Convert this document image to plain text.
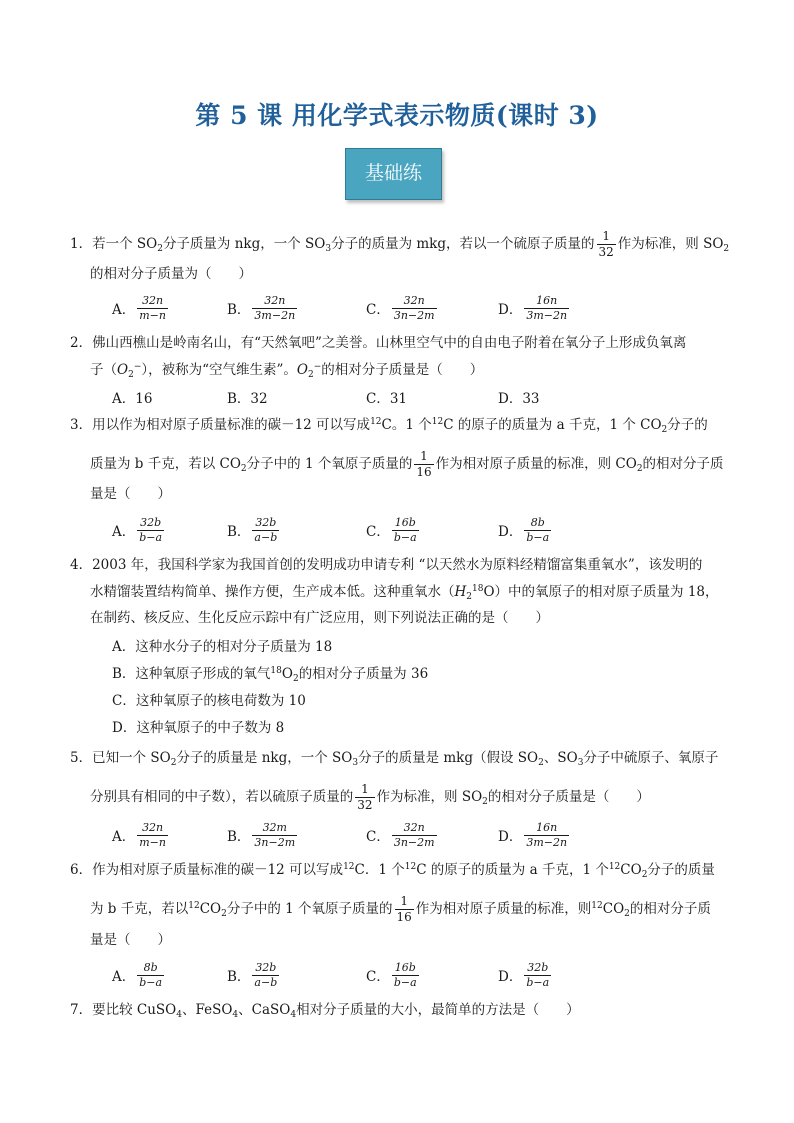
第 5 课 用化学式表示物质(课时 3)
基础练
1．若一个 $SO_2$分子质量为 nkg，一个 $SO_3$分子的质量为 mkg，若以一个硫原子质量的 $\frac{1}{32}$ 作为标准，则 $SO_2$
的相对分子质量为（　　）
A． $\frac{32n}{m-n}$	B． $\frac{32n}{3m-2n}$	C． $\frac{32n}{3n-2m}$	D． $\frac{16n}{3m-2n}$
2．佛山西樵山是岭南名山，有“天然氧吧”之美誉。山林里空气中的自由电子附着在氧分子上形成负氧离
子$(O_2^-)$，被称为“空气维生素”。$O_2^-$的相对分子质量是（　　）
A．16	B．32	C．31	D．33
3．用以作为相对原子质量标准的碳－12 可以写成$^{12}$C。1 个$^{12}$C 的原子的质量为 a 千克，1 个 $CO_2$分子的
质量为 b 千克，若以 $CO_2$分子中的 1 个氧原子质量的 $\frac{1}{16}$ 作为相对原子质量的标准，则 $CO_2$的相对分子质
量是（　　）
A． $\frac{32b}{b-a}$	B． $\frac{32b}{a-b}$	C． $\frac{16b}{b-a}$	D． $\frac{8b}{b-a}$
4．2003 年，我国科学家为我国首创的发明成功申请专利 “以天然水为原料经精馏富集重氧水”，该发明的
水精馏装置结构简单、操作方便，生产成本低。这种重氧水$(H_2^{18}O)$中的氧原子的相对原子质量为 18，
在制药、核反应、生化反应示踪中有广泛应用，则下列说法正确的是（　　）
A．这种水分子的相对分子质量为 18
B．这种氧原子形成的氧气$^{18}O_2$的相对分子质量为 36
C．这种氧原子的核电荷数为 10
D．这种氧原子的中子数为 8
5．已知一个 $SO_2$分子的质量是 nkg，一个 $SO_3$分子的质量是 mkg（假设 $SO_2$、$SO_3$分子中硫原子、氧原子
分别具有相同的中子数），若以硫原子质量的 $\frac{1}{32}$ 作为标准，则 $SO_2$的相对分子质量是（　　）
A． $\frac{32n}{m-n}$	B． $\frac{32m}{3n-2m}$	C． $\frac{32n}{3n-2m}$	D． $\frac{16n}{3m-2n}$
6．作为相对原子质量标准的碳－12 可以写成$^{12}$C．1 个$^{12}$C 的原子的质量为 a 千克，1 个$^{12}CO_2$分子的质量
为 b 千克，若以$^{12}CO_2$分子中的 1 个氧原子质量的 $\frac{1}{16}$ 作为相对原子质量的标准，则$^{12}CO_2$的相对分子质
量是（　　）
A． $\frac{8b}{b-a}$	B． $\frac{32b}{a-b}$	C． $\frac{16b}{b-a}$	D． $\frac{32b}{b-a}$
7．要比较 CuSO$_4$、FeSO$_4$、CaSO$_4$相对分子质量的大小，最简单的方法是（　　）
